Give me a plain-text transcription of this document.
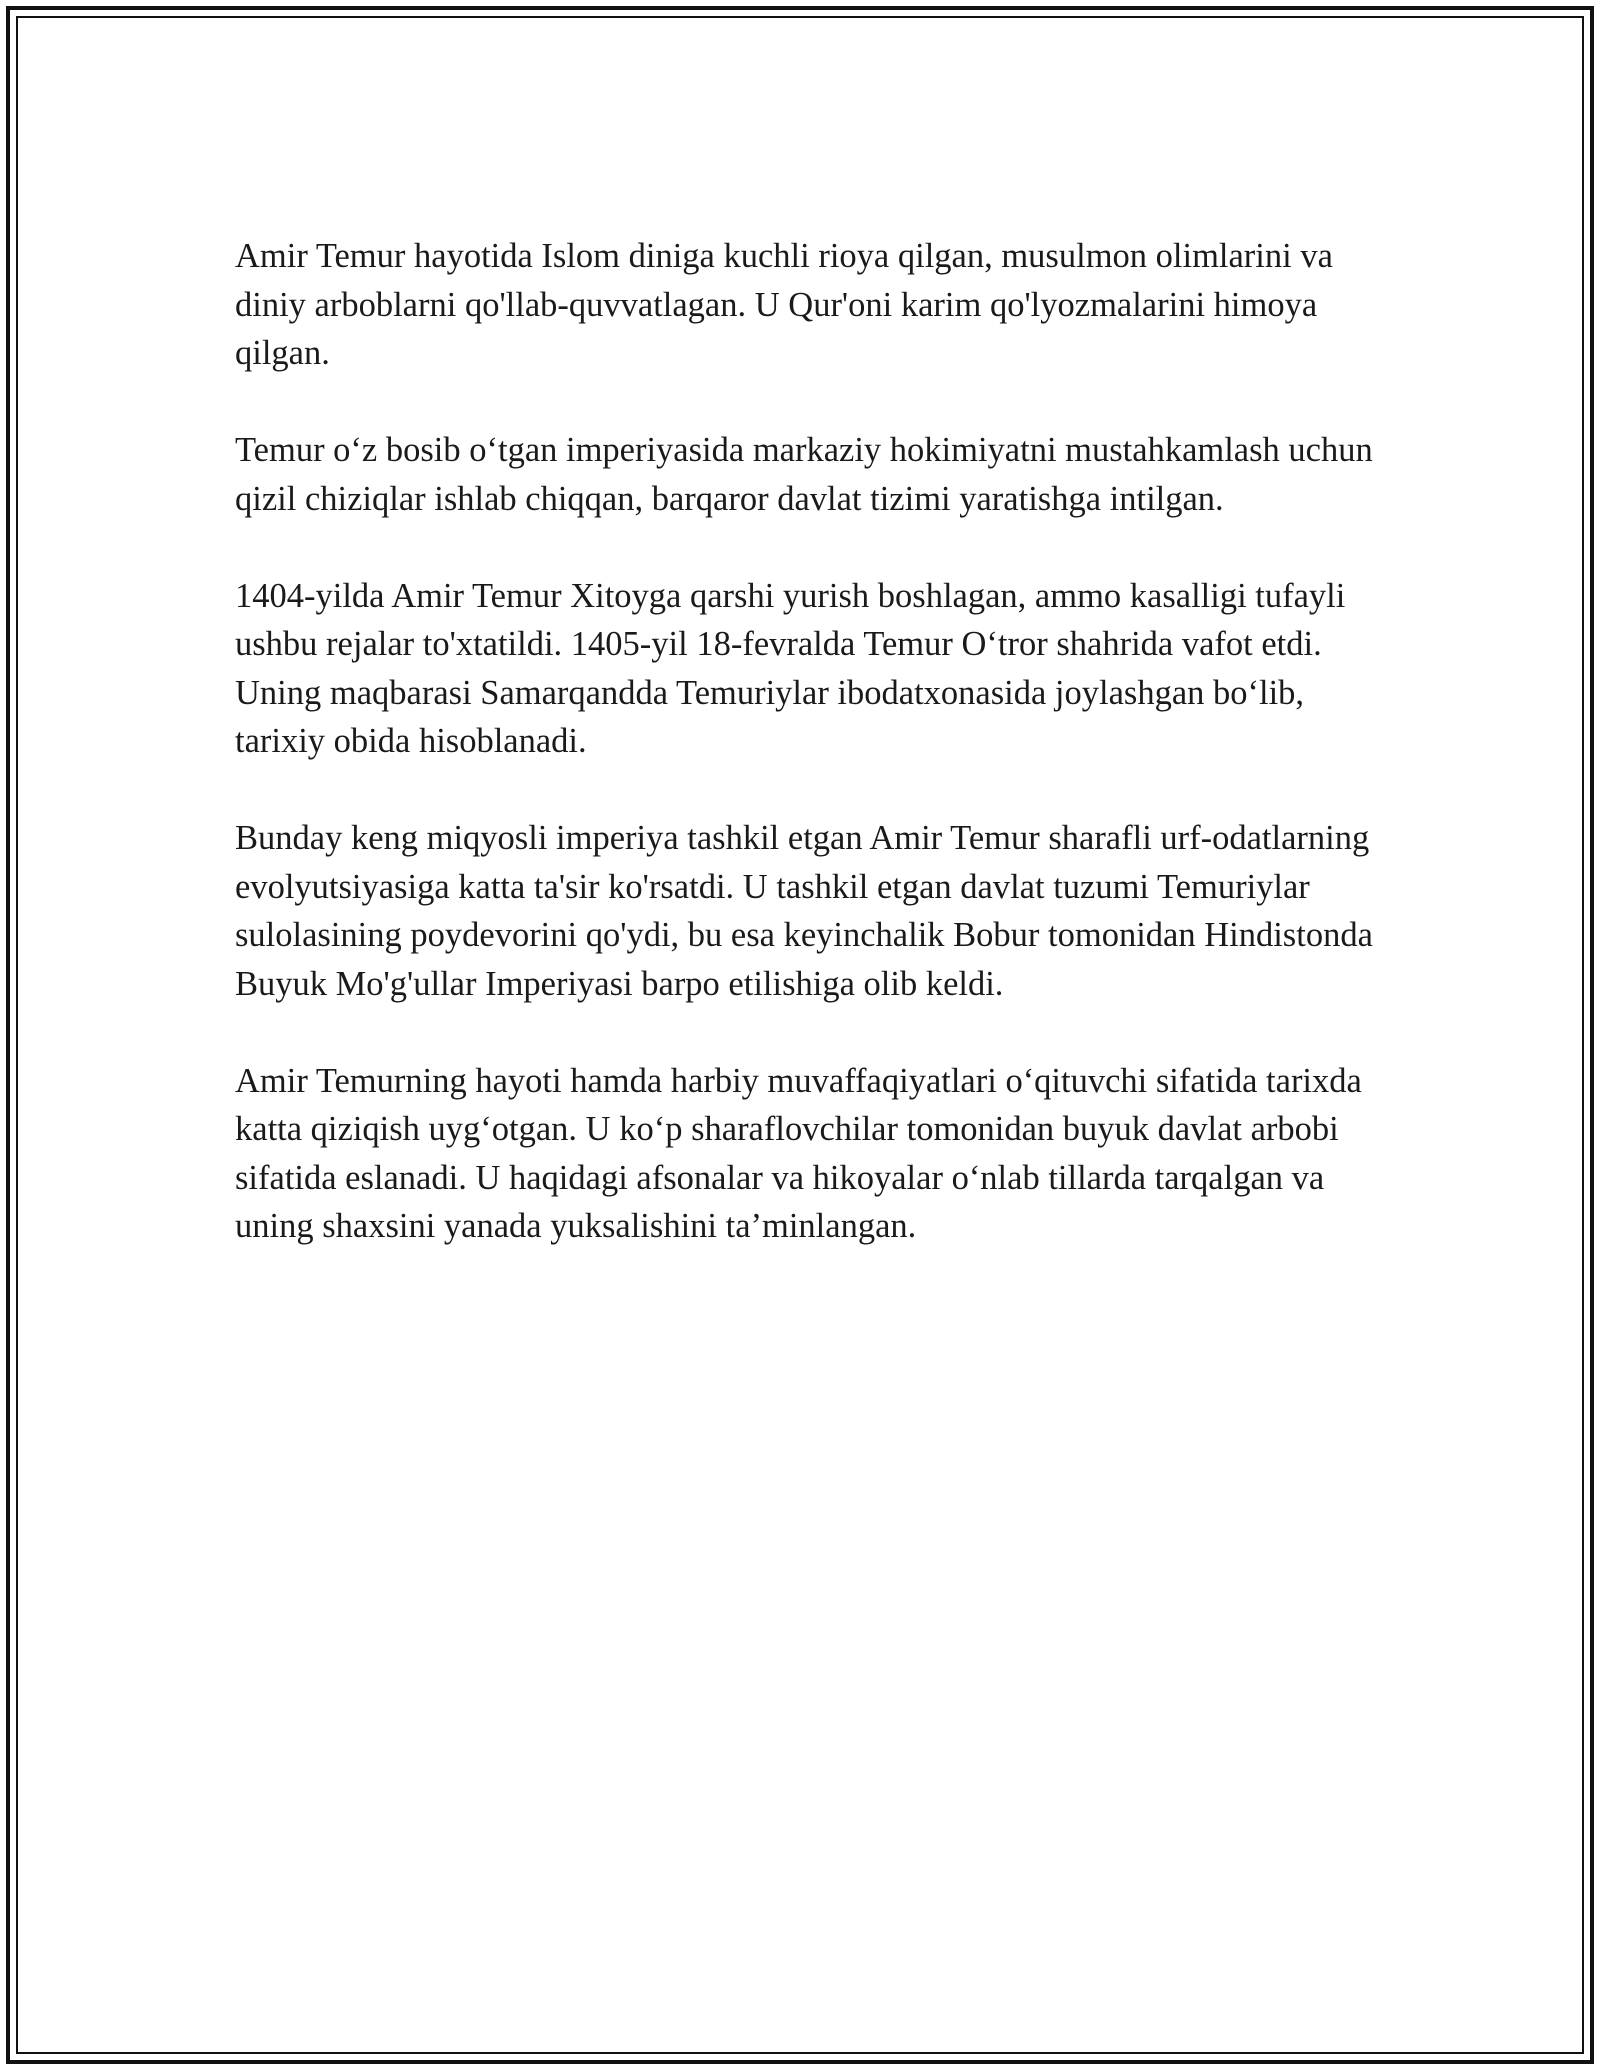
Amir Temur hayotida Islom diniga kuchli rioya qilgan, musulmon olimlarini va diniy arboblarni qo'llab-quvvatlagan. U Qur'oni karim qo'lyozmalarini himoya qilgan.

Temur o‘z bosib o‘tgan imperiyasida markaziy hokimiyatni mustahkamlash uchun qizil chiziqlar ishlab chiqqan, barqaror davlat tizimi yaratishga intilgan.

1404-yilda Amir Temur Xitoyga qarshi yurish boshlagan, ammo kasalligi tufayli ushbu rejalar to'xtatildi. 1405-yil 18-fevralda Temur O‘tror shahrida vafot etdi. Uning maqbarasi Samarqandda Temuriylar ibodatxonasida joylashgan bo‘lib, tarixiy obida hisoblanadi.

Bunday keng miqyosli imperiya tashkil etgan Amir Temur sharafli urf-odatlarning evolyutsiyasiga katta ta'sir ko'rsatdi. U tashkil etgan davlat tuzumi Temuriylar sulolasining poydevorini qo'ydi, bu esa keyinchalik Bobur tomonidan Hindistonda Buyuk Mo'g'ullar Imperiyasi barpo etilishiga olib keldi.

Amir Temurning hayoti hamda harbiy muvaffaqiyatlari o‘qituvchi sifatida tarixda katta qiziqish uyg‘otgan. U ko‘p sharaflovchilar tomonidan buyuk davlat arbobi sifatida eslanadi. U haqidagi afsonalar va hikoyalar o‘nlab tillarda tarqalgan va uning shaxsini yanada yuksalishini ta’minlangan.
